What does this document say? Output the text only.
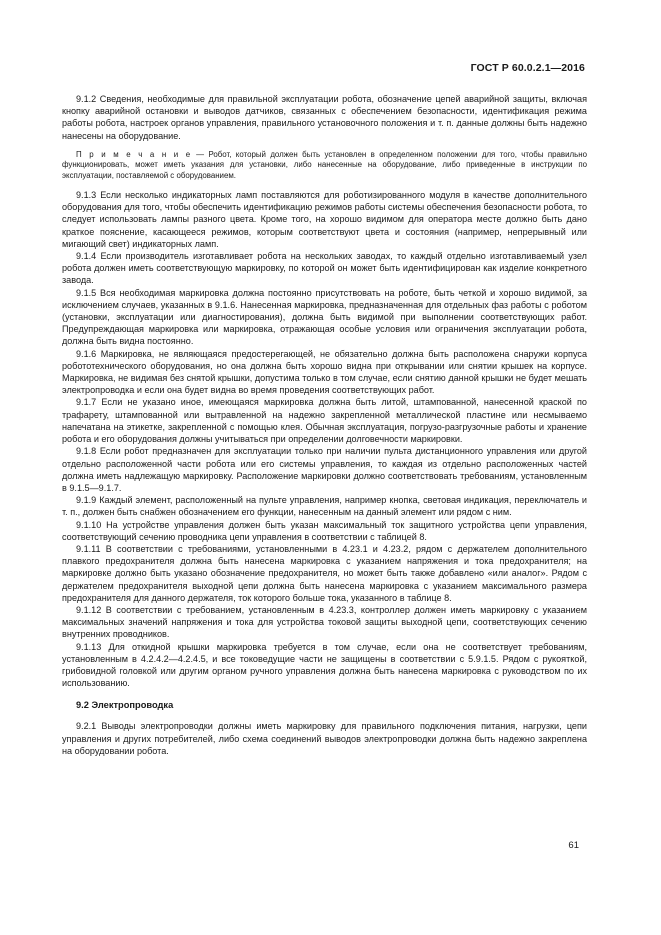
ГОСТ Р 60.0.2.1—2016

9.1.2 Сведения, необходимые для правильной эксплуатации робота, обозначение цепей аварийной защиты, включая кнопку аварийной остановки и выводов датчиков, связанных с обеспечением безопасности, идентификация режима работы робота, настроек органов управления, правильного установочного положения и т. п. данные должны быть надежно нанесены на оборудование.

П р и м е ч а н и е — Робот, который должен быть установлен в определенном положении для того, чтобы правильно функционировать, может иметь указания для установки, либо нанесенные на оборудование, либо приведенные в инструкции по эксплуатации, поставляемой с оборудованием.

9.1.3 Если несколько индикаторных ламп поставляются для роботизированного модуля в качестве дополнительного оборудования для того, чтобы обеспечить идентификацию режимов работы системы обеспечения безопасности робота, то следует использовать лампы разного цвета. Кроме того, на хорошо видимом для оператора месте должно быть дано краткое пояснение, касающееся режимов, которым соответствуют цвета и состояния (например, непрерывный или мигающий свет) индикаторных ламп.

9.1.4 Если производитель изготавливает робота на нескольких заводах, то каждый отдельно изготавливаемый узел робота должен иметь соответствующую маркировку, по которой он может быть идентифицирован как изделие конкретного завода.

9.1.5 Вся необходимая маркировка должна постоянно присутствовать на роботе, быть четкой и хорошо видимой, за исключением случаев, указанных в 9.1.6. Нанесенная маркировка, предназначенная для отдельных фаз работы с роботом (установки, эксплуатации или диагностирования), должна быть видимой при выполнении соответствующих работ. Предупреждающая маркировка или маркировка, отражающая особые условия или ограничения эксплуатации робота, должна быть видна постоянно.

9.1.6 Маркировка, не являющаяся предостерегающей, не обязательно должна быть расположена снаружи корпуса робототехнического оборудования, но она должна быть хорошо видна при открывании или снятии крышек на корпусе. Маркировка, не видимая без снятой крышки, допустима только в том случае, если снятию данной крышки не будет мешать электропроводка и если она будет видна во время проведения соответствующих работ.

9.1.7 Если не указано иное, имеющаяся маркировка должна быть литой, штампованной, нанесенной краской по трафарету, штампованной или вытравленной на надежно закрепленной металлической пластине или несмываемо напечатана на этикетке, закрепленной с помощью клея. Обычная эксплуатация, погрузо-разгрузочные работы и хранение робота и его оборудования должны учитываться при определении долговечности маркировки.

9.1.8 Если робот предназначен для эксплуатации только при наличии пульта дистанционного управления или другой отдельно расположенной части робота или его системы управления, то каждая из отдельно расположенных частей должна иметь надлежащую маркировку. Расположение маркировки должно соответствовать требованиям, установленным в 9.1.5—9.1.7.

9.1.9 Каждый элемент, расположенный на пульте управления, например кнопка, световая индикация, переключатель и т. п., должен быть снабжен обозначением его функции, нанесенным на данный элемент или рядом с ним.

9.1.10 На устройстве управления должен быть указан максимальный ток защитного устройства цепи управления, соответствующий сечению проводника цепи управления в соответствии с таблицей 8.

9.1.11 В соответствии с требованиями, установленными в 4.23.1 и 4.23.2, рядом с держателем дополнительного плавкого предохранителя должна быть нанесена маркировка с указанием напряжения и тока предохранителя; на маркировке должно быть указано обозначение предохранителя, но может быть также добавлено «или аналог». Рядом с держателем предохранителя выходной цепи должна быть нанесена маркировка с указанием максимального размера предохранителя для данного держателя, ток которого больше тока, указанного в таблице 8.

9.1.12 В соответствии с требованием, установленным в 4.23.3, контроллер должен иметь маркировку с указанием максимальных значений напряжения и тока для устройства токовой защиты выходной цепи, соответствующих сечению внутренних проводников.

9.1.13 Для откидной крышки маркировка требуется в том случае, если она не соответствует требованиям, установленным в 4.2.4.2—4.2.4.5, и все токоведущие части не защищены в соответствии с 5.9.1.5. Рядом с рукояткой, грибовидной головкой или другим органом ручного управления должна быть нанесена маркировка с руководством по их использованию.

9.2 Электропроводка

9.2.1 Выводы электропроводки должны иметь маркировку для правильного подключения питания, нагрузки, цепи управления и других потребителей, либо схема соединений выводов электропроводки должна быть надежно закреплена на оборудовании робота.

61
